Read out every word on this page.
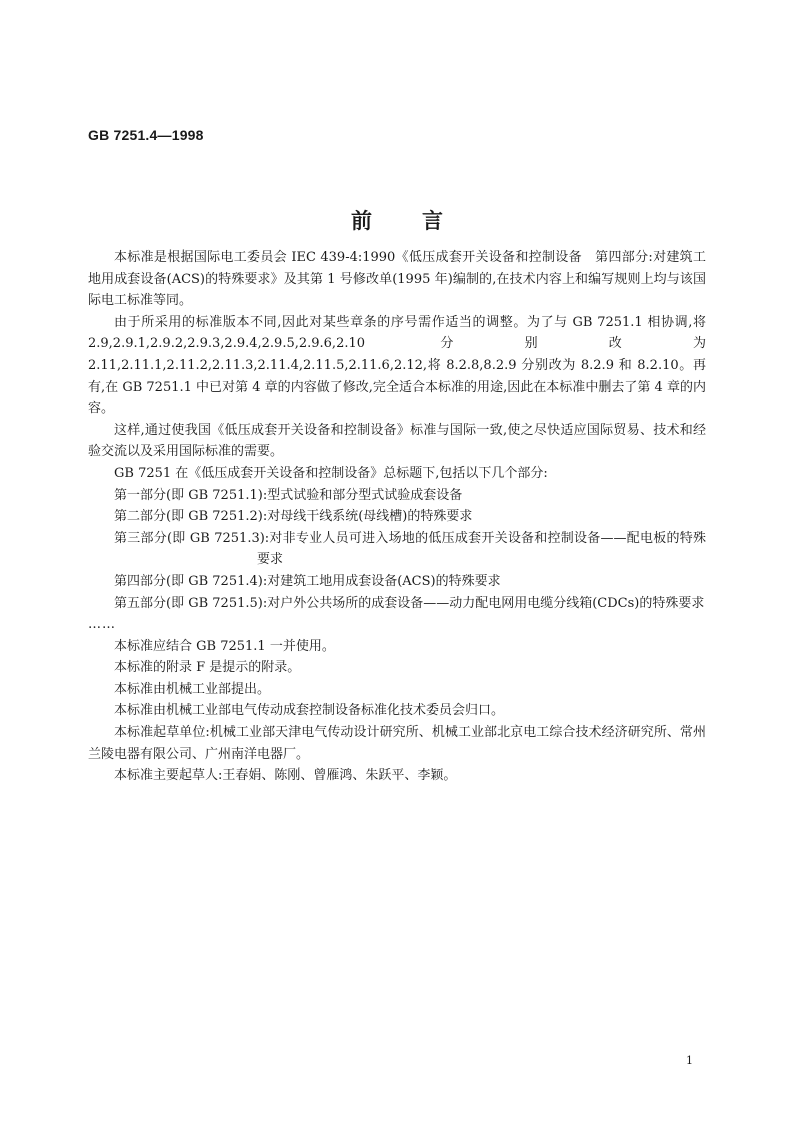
GB 7251.4—1998
前言

本标准是根据国际电工委员会 IEC 439-4:1990《低压成套开关设备和控制设备　第四部分:对建筑工地用成套设备(ACS)的特殊要求》及其第 1 号修改单(1995 年)编制的,在技术内容上和编写规则上均与该国际电工标准等同。

由于所采用的标准版本不同,因此对某些章条的序号需作适当的调整。为了与 GB 7251.1 相协调,将 2.9,2.9.1,2.9.2,2.9.3,2.9.4,2.9.5,2.9.6,2.10 分别改为 2.11,2.11.1,2.11.2,2.11.3,2.11.4,2.11.5,2.11.6,2.12,将 8.2.8,8.2.9 分别改为 8.2.9 和 8.2.10。再有,在 GB 7251.1 中已对第 4 章的内容做了修改,完全适合本标准的用途,因此在本标准中删去了第 4 章的内容。

这样,通过使我国《低压成套开关设备和控制设备》标准与国际一致,使之尽快适应国际贸易、技术和经验交流以及采用国际标准的需要。

GB 7251 在《低压成套开关设备和控制设备》总标题下,包括以下几个部分:

第一部分(即 GB 7251.1):型式试验和部分型式试验成套设备

第二部分(即 GB 7251.2):对母线干线系统(母线槽)的特殊要求

第三部分(即 GB 7251.3):对非专业人员可进入场地的低压成套开关设备和控制设备——配电板的特殊要求

第四部分(即 GB 7251.4):对建筑工地用成套设备(ACS)的特殊要求

第五部分(即 GB 7251.5):对户外公共场所的成套设备——动力配电网用电缆分线箱(CDCs)的特殊要求

……

本标准应结合 GB 7251.1 一并使用。

本标准的附录 F 是提示的附录。

本标准由机械工业部提出。

本标准由机械工业部电气传动成套控制设备标准化技术委员会归口。

本标准起草单位:机械工业部天津电气传动设计研究所、机械工业部北京电工综合技术经济研究所、常州兰陵电器有限公司、广州南洋电器厂。

本标准主要起草人:王春娟、陈刚、曾雁鸿、朱跃平、李颖。

1
